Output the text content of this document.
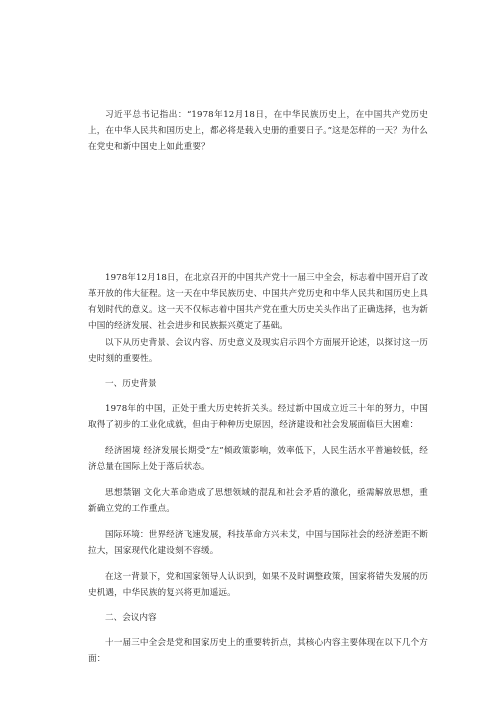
习近平总书记指出：“1978年12月18日，在中华民族历史上，在中国共产党历史上，在中华人民共和国历史上，都必将是载入史册的重要日子。”这是怎样的一天？为什么在党史和新中国史上如此重要？

1978年12月18日，在北京召开的中国共产党十一届三中全会，标志着中国开启了改革开放的伟大征程。这一天在中华民族历史、中国共产党历史和中华人民共和国历史上具有划时代的意义。这一天不仅标志着中国共产党在重大历史关头作出了正确选择，也为新中国的经济发展、社会进步和民族振兴奠定了基础。

以下从历史背景、会议内容、历史意义及现实启示四个方面展开论述，以探讨这一历史时刻的重要性。

一、历史背景

1978年的中国，正处于重大历史转折关头。经过新中国成立近三十年的努力，中国取得了初步的工业化成就，但由于种种历史原因，经济建设和社会发展面临巨大困难：

经济困境 经济发展长期受“左”倾政策影响，效率低下，人民生活水平普遍较低，经济总量在国际上处于落后状态。

思想禁锢 文化大革命造成了思想领域的混乱和社会矛盾的激化，亟需解放思想，重新确立党的工作重点。

国际环境：世界经济飞速发展，科技革命方兴未艾，中国与国际社会的经济差距不断拉大，国家现代化建设刻不容缓。

在这一背景下，党和国家领导人认识到，如果不及时调整政策，国家将错失发展的历史机遇，中华民族的复兴将更加遥远。

二、会议内容

十一届三中全会是党和国家历史上的重要转折点，其核心内容主要体现在以下几个方面：
